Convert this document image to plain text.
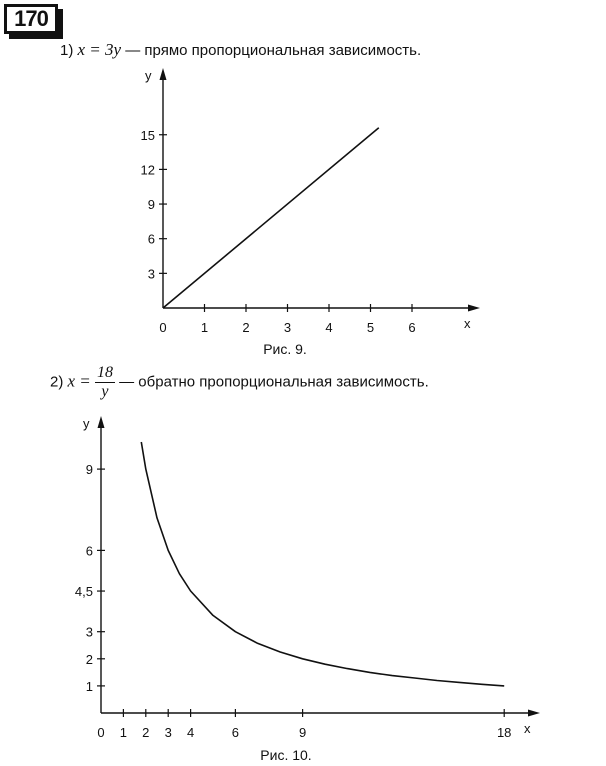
170
1) x = 3y — прямо пропорциональная зависимость.
2) $x = \frac{18}{y}$ — обратно пропорциональная зависимость.
x
y
0	1	2	3	4	5	6
3
6
9
12
15
Рис. 9.
x
y
0 1 2 3 4	6	9	18
1
2
3
4,5
6
9
Рис. 10.
